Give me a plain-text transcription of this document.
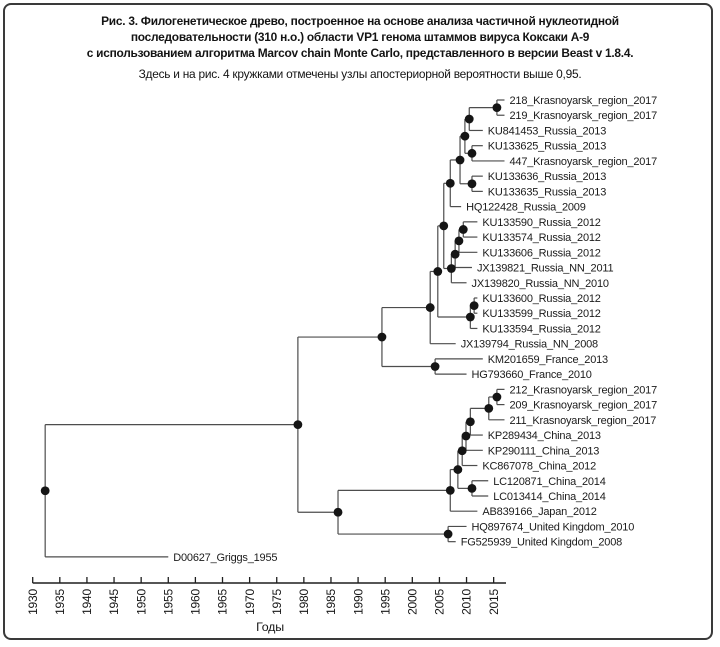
Рис. 3. Филогенетическое древо, построенное на основе анализа частичной нуклеотидной
последовательности (310 н.о.) области VP1 генома штаммов вируса Коксаки А-9
с использованием алгоритма Marcov chain Monte Carlo, представленного в версии Beast v 1.8.4.
Здесь и на рис. 4 кружками отмечены узлы апостериорной вероятности выше 0,95.
218_Krasnoyarsk_region_2017
219_Krasnoyarsk_region_2017
KU841453_Russia_2013
KU133625_Russia_2013
447_Krasnoyarsk_region_2017
KU133636_Russia_2013
KU133635_Russia_2013
HQ122428_Russia_2009
KU133590_Russia_2012
KU133574_Russia_2012
KU133606_Russia_2012
JX139821_Russia_NN_2011
JX139820_Russia_NN_2010
KU133600_Russia_2012
KU133599_Russia_2012
KU133594_Russia_2012
JX139794_Russia_NN_2008
KM201659_France_2013
HG793660_France_2010
212_Krasnoyarsk_region_2017
209_Krasnoyarsk_region_2017
211_Krasnoyarsk_region_2017
KP289434_China_2013
KP290111_China_2013
KC867078_China_2012
LC120871_China_2014
LC013414_China_2014
AB839166_Japan_2012
HQ897674_United Kingdom_2010
FG525939_United Kingdom_2008
D00627_Griggs_1955
1930 1935 1940 1945 1950 1955 1960 1965 1970 1975 1980 1985 1990 1995 2000 2005 2010 2015
Годы
